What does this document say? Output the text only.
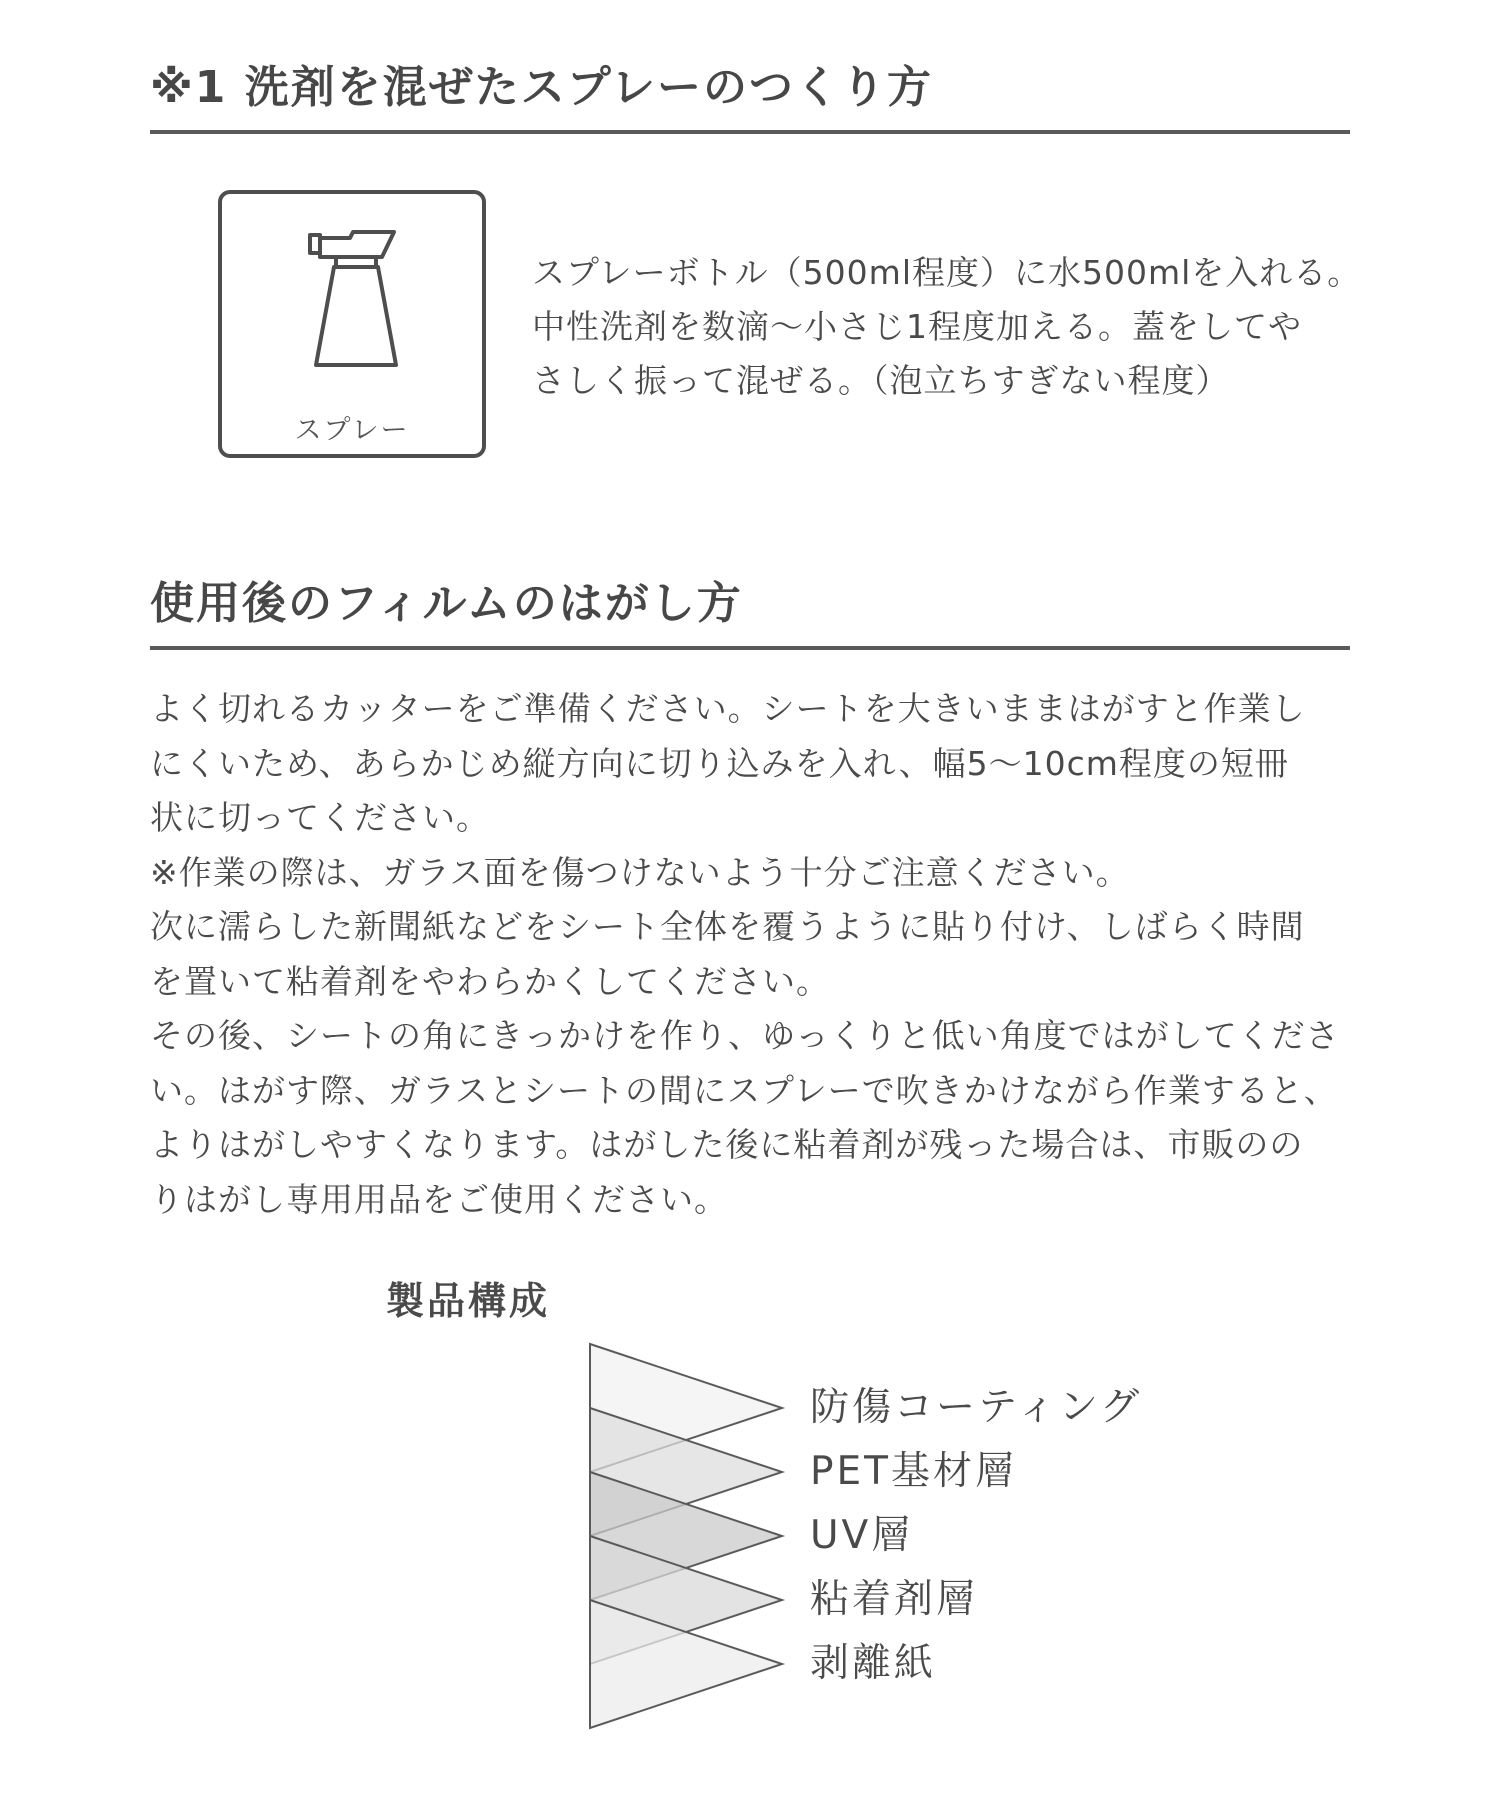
※1 洗剤を混ぜたスプレーのつくり方
スプレー

スプレーボトル（500ml程度）に水500mlを入れる。

中性洗剤を数滴〜小さじ1程度加える。蓋をしてや

さしく振って混ぜる。（泡立ちすぎない程度）

使用後のフィルムのはがし方

よく切れるカッターをご準備ください。シートを大きいままはがすと作業し

にくいため、あらかじめ縦方向に切り込みを入れ、幅5〜10cm程度の短冊

状に切ってください。

※作業の際は、ガラス面を傷つけないよう十分ご注意ください。

次に濡らした新聞紙などをシート全体を覆うように貼り付け、しばらく時間

を置いて粘着剤をやわらかくしてください。

その後、シートの角にきっかけを作り、ゆっくりと低い角度ではがしてくださ

い。はがす際、ガラスとシートの間にスプレーで吹きかけながら作業すると、

よりはがしやすくなります。はがした後に粘着剤が残った場合は、市販のの

りはがし専用用品をご使用ください。

製品構成
防傷コーティング
PET基材層
UV層
粘着剤層
剥離紙
